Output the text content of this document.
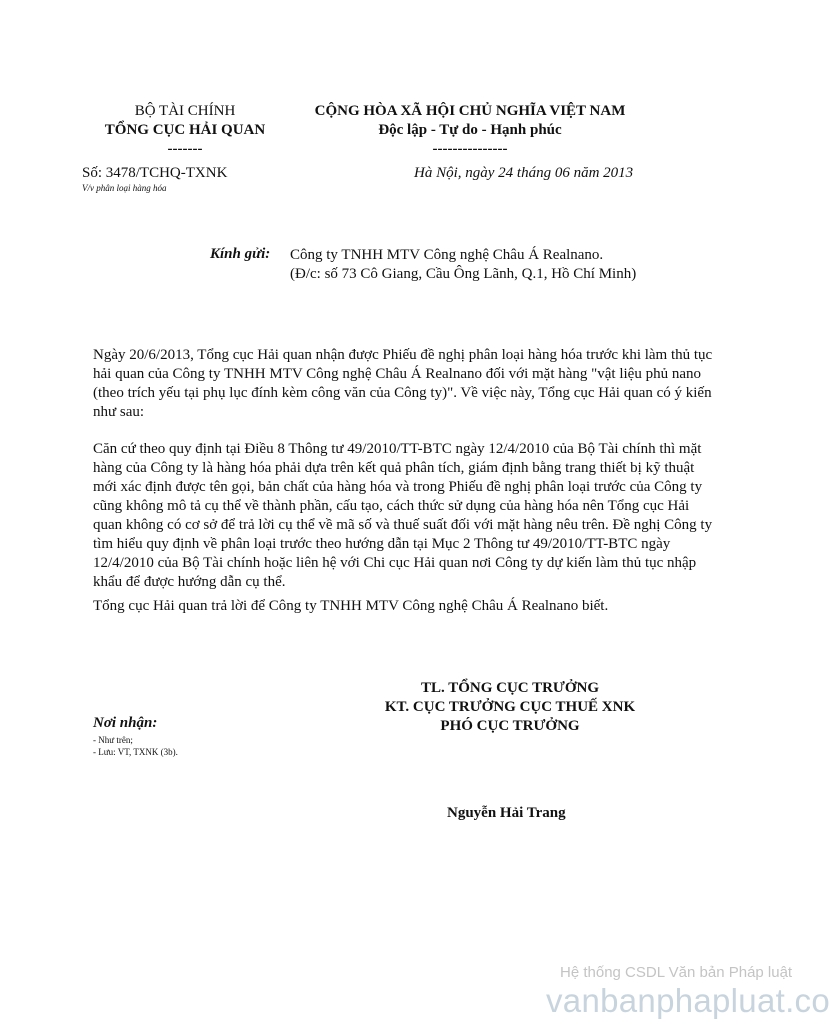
BỘ TÀI CHÍNH
TỔNG CỤC HẢI QUAN
-------
CỘNG HÒA XÃ HỘI CHỦ NGHĨA VIỆT NAM
Độc lập - Tự do - Hạnh phúc
---------------
Số: 3478/TCHQ-TXNK
V/v phân loại hàng hóa
Hà Nội, ngày 24 tháng 06 năm 2013
Kính gửi: Công ty TNHH MTV Công nghệ Châu Á Realnano.
(Đ/c: số 73 Cô Giang, Cầu Ông Lãnh, Q.1, Hồ Chí Minh)
Ngày 20/6/2013, Tổng cục Hải quan nhận được Phiếu đề nghị phân loại hàng hóa trước khi làm thủ tục hải quan của Công ty TNHH MTV Công nghệ Châu Á Realnano đối với mặt hàng "vật liệu phủ nano (theo trích yếu tại phụ lục đính kèm công văn của Công ty)". Về việc này, Tổng cục Hải quan có ý kiến như sau:
Căn cứ theo quy định tại Điều 8 Thông tư 49/2010/TT-BTC ngày 12/4/2010 của Bộ Tài chính thì mặt hàng của Công ty là hàng hóa phải dựa trên kết quả phân tích, giám định bằng trang thiết bị kỹ thuật mới xác định được tên gọi, bản chất của hàng hóa và trong Phiếu đề nghị phân loại trước của Công ty cũng không mô tả cụ thể về thành phần, cấu tạo, cách thức sử dụng của hàng hóa nên Tổng cục Hải quan không có cơ sở để trả lời cụ thể về mã số và thuế suất đối với mặt hàng nêu trên. Đề nghị Công ty tìm hiểu quy định về phân loại trước theo hướng dẫn tại Mục 2 Thông tư 49/2010/TT-BTC ngày 12/4/2010 của Bộ Tài chính hoặc liên hệ với Chi cục Hải quan nơi Công ty dự kiến làm thủ tục nhập khẩu để được hướng dẫn cụ thể.
Tổng cục Hải quan trả lời để Công ty TNHH MTV Công nghệ Châu Á Realnano biết.
TL. TỔNG CỤC TRƯỞNG
KT. CỤC TRƯỞNG CỤC THUẾ XNK
PHÓ CỤC TRƯỞNG
Nơi nhận:
- Như trên;
- Lưu: VT, TXNK (3b).
Nguyễn Hải Trang
Hệ thống CSDL Văn bản Pháp luật
vanbanphapluat.co
